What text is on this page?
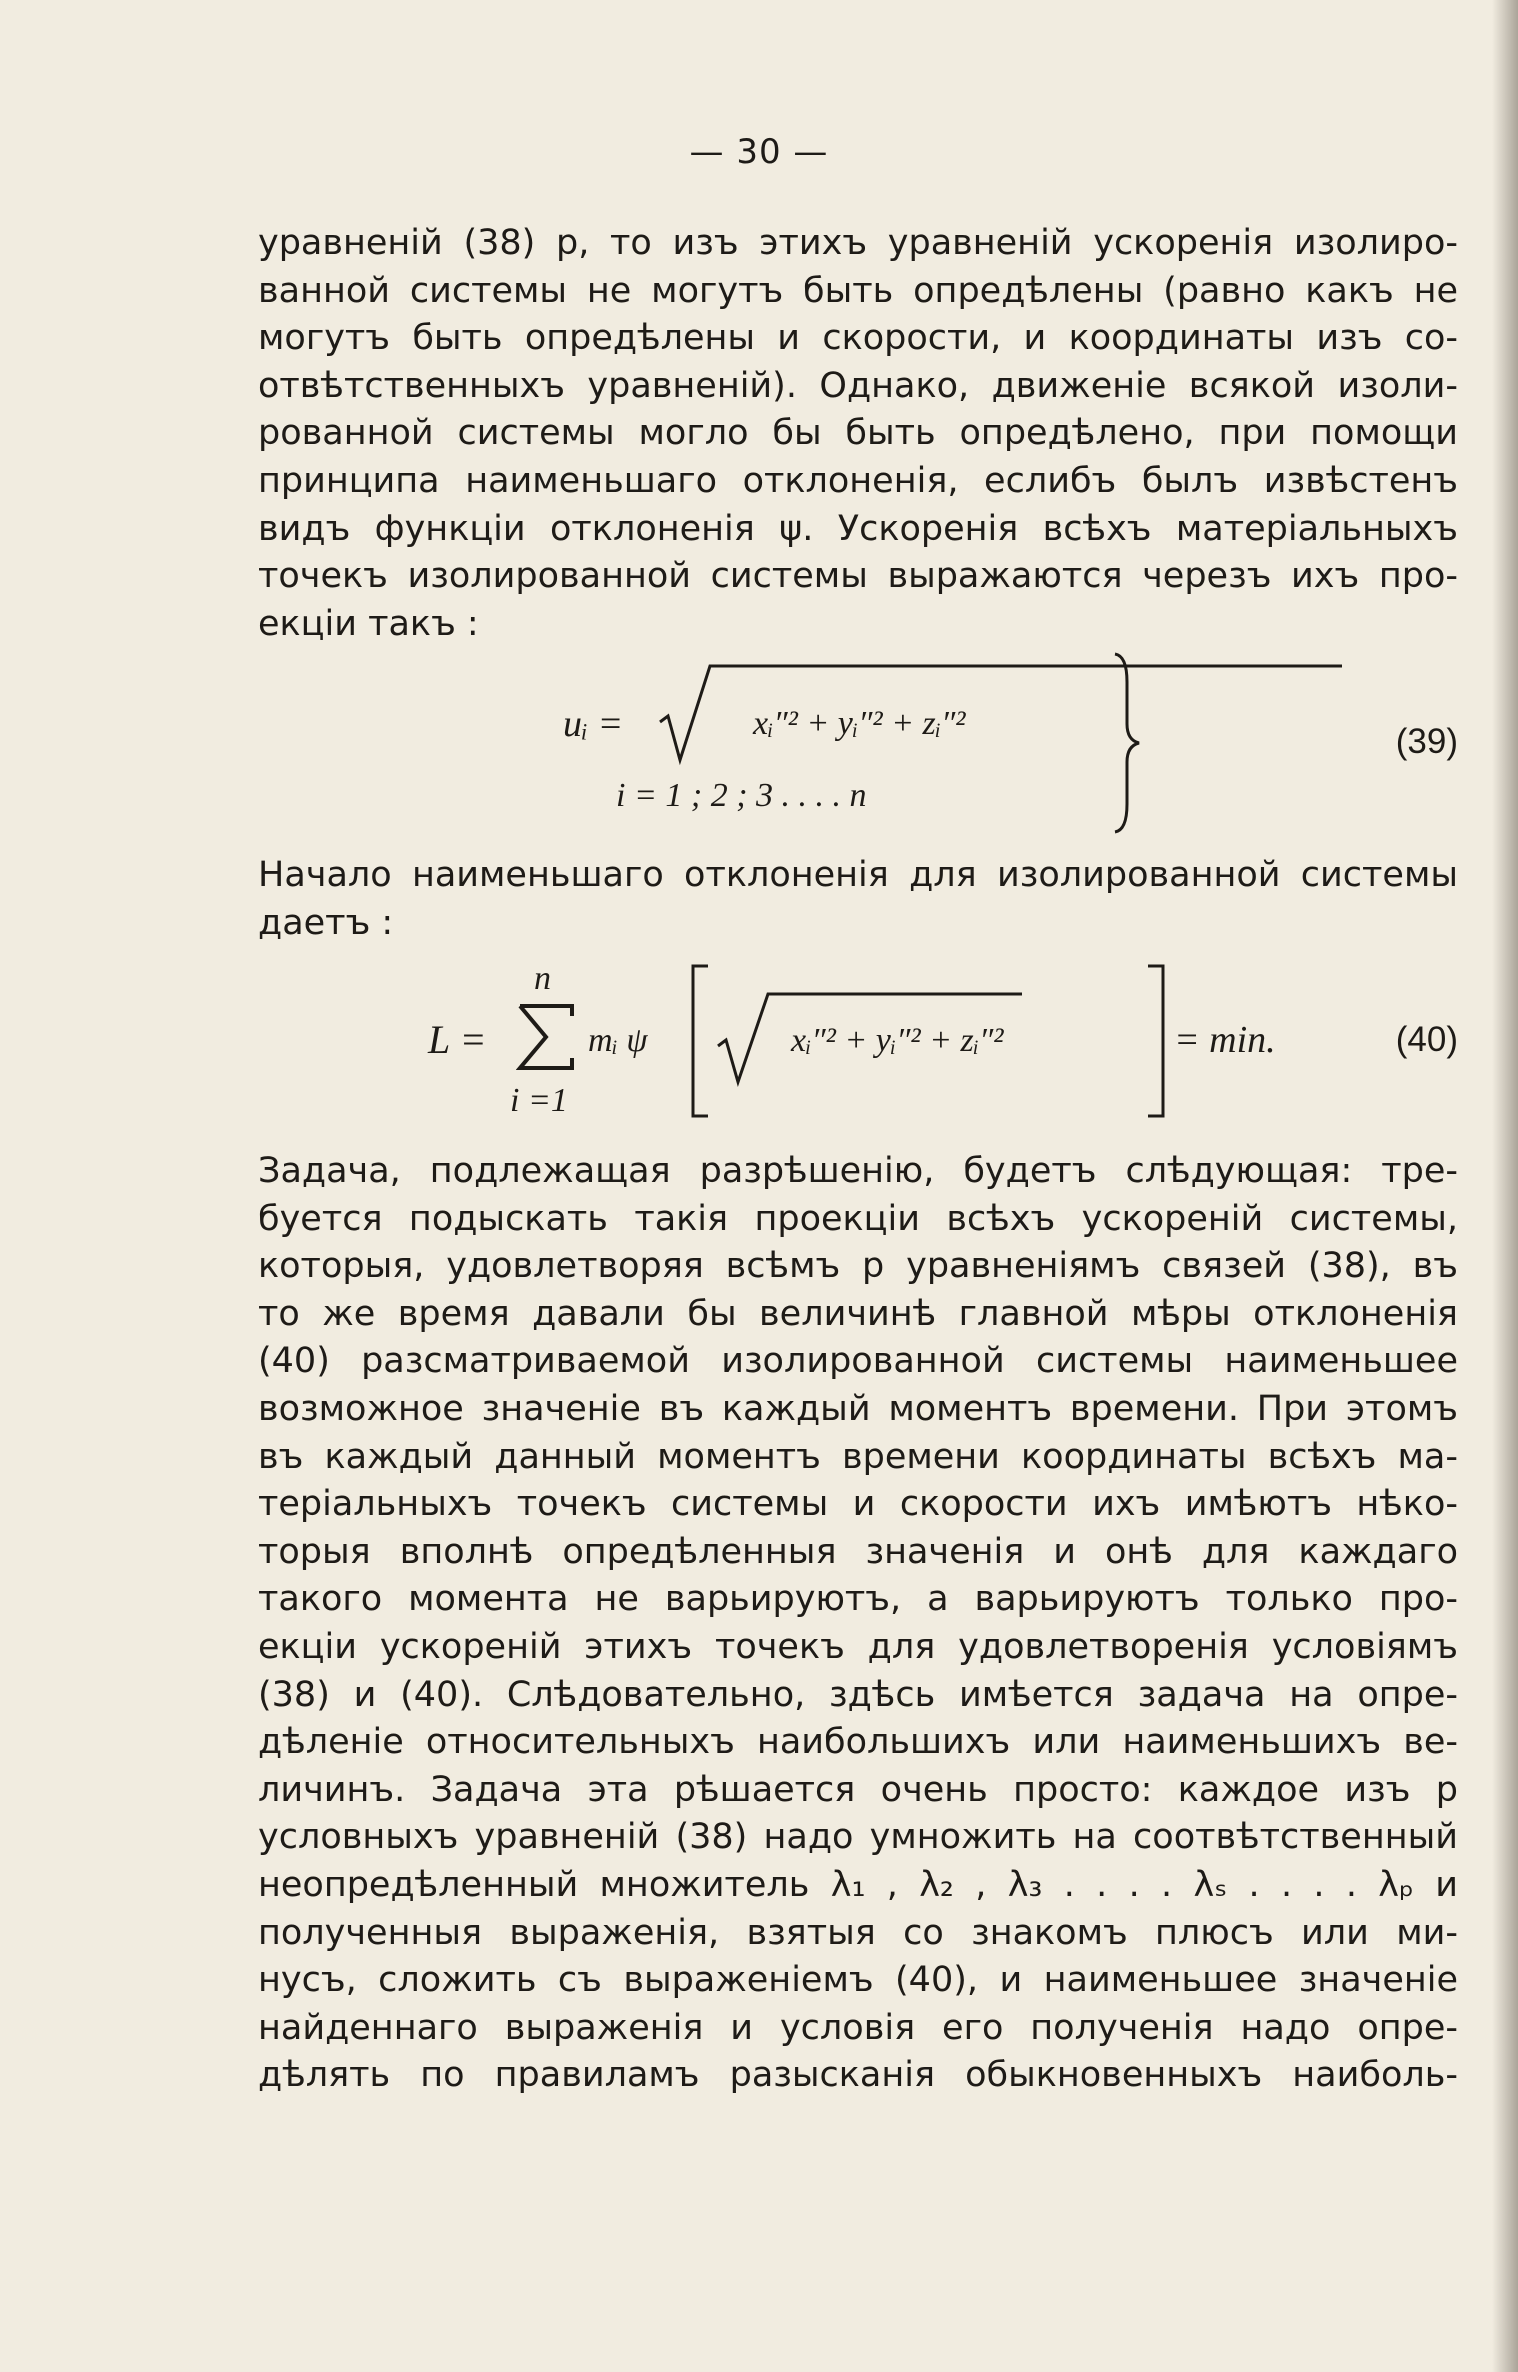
— 30 —
уравненій (38) p, то изъ этихъ уравненій ускоренія изолиро-
ванной системы не могутъ быть опредѣлены (равно какъ не
могутъ быть опредѣлены и скорости, и координаты изъ со-
отвѣтственныхъ уравненій). Однако, движеніе всякой изоли-
рованной системы могло бы быть опредѣлено, при помощи
принципа наименьшаго отклоненія, еслибъ былъ извѣстенъ
видъ функціи отклоненія ψ. Ускоренія всѣхъ матеріальныхъ
точекъ изолированной системы выражаются черезъ ихъ про-
екціи такъ :
uᵢ =	xᵢ″² + yᵢ″² + zᵢ″²
i = 1 ; 2 ; 3 . . . . n
(39)
Начало наименьшаго отклоненія для изолированной системы
даетъ :
L =
n
i =1
mᵢ ψ	xᵢ″² + yᵢ″² + zᵢ″²	= min.	(40)
Задача, подлежащая разрѣшенію, будетъ слѣдующая: тре-
буется подыскать такія проекціи всѣхъ ускореній системы,
которыя, удовлетворяя всѣмъ p уравненіямъ связей (38), въ
то же время давали бы величинѣ главной мѣры отклоненія
(40) разсматриваемой изолированной системы наименьшее
возможное значеніе въ каждый моментъ времени. При этомъ
въ каждый данный моментъ времени координаты всѣхъ ма-
теріальныхъ точекъ системы и скорости ихъ имѣютъ нѣко-
торыя вполнѣ опредѣленныя значенія и онѣ для каждаго
такого момента не варьируютъ, а варьируютъ только про-
екціи ускореній этихъ точекъ для удовлетворенія условіямъ
(38) и (40). Слѣдовательно, здѣсь имѣется задача на опре-
дѣленіе относительныхъ наибольшихъ или наименьшихъ ве-
личинъ. Задача эта рѣшается очень просто: каждое изъ p
условныхъ уравненій (38) надо умножить на соотвѣтственный
неопредѣленный множитель λ₁ , λ₂ , λ₃ . . . . λₛ . . . . λₚ и
полученныя выраженія, взятыя со знакомъ плюсъ или ми-
нусъ, сложить съ выраженіемъ (40), и наименьшее значеніе
найденнаго выраженія и условія его полученія надо опре-
дѣлять по правиламъ разысканія обыкновенныхъ наиболь-
